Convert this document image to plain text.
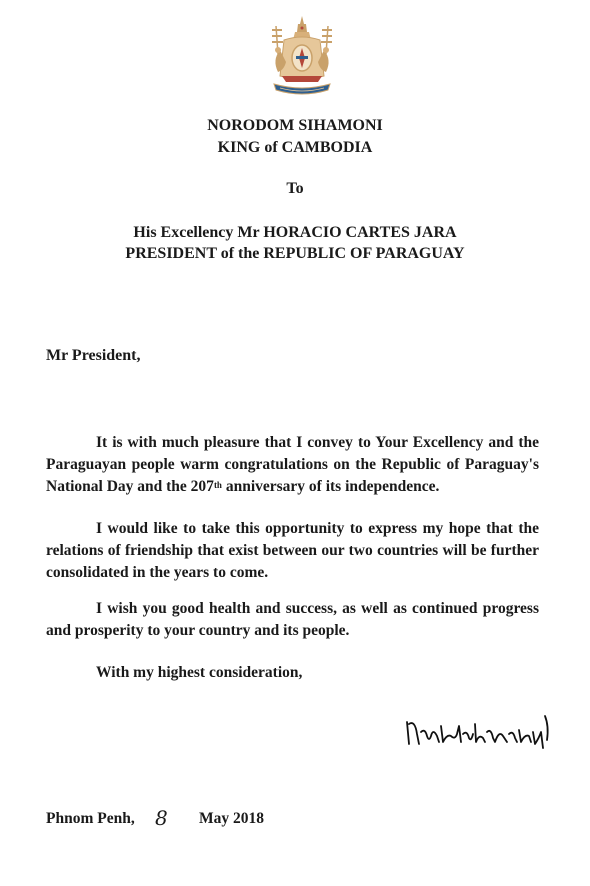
NORODOM SIHAMONI
KING of CAMBODIA
To
His Excellency Mr HORACIO CARTES JARA
PRESIDENT of the REPUBLIC OF PARAGUAY
Mr President,

It is with much pleasure that I convey to Your Excellency and the Paraguayan people warm congratulations on the Republic of Paraguay's National Day and the 207th anniversary of its independence.

I would like to take this opportunity to express my hope that the relations of friendship that exist between our two countries will be further consolidated in the years to come.

I wish you good health and success, as well as continued progress and prosperity to your country and its people.

With my highest consideration,
Phnom Penh, 8 May 2018
